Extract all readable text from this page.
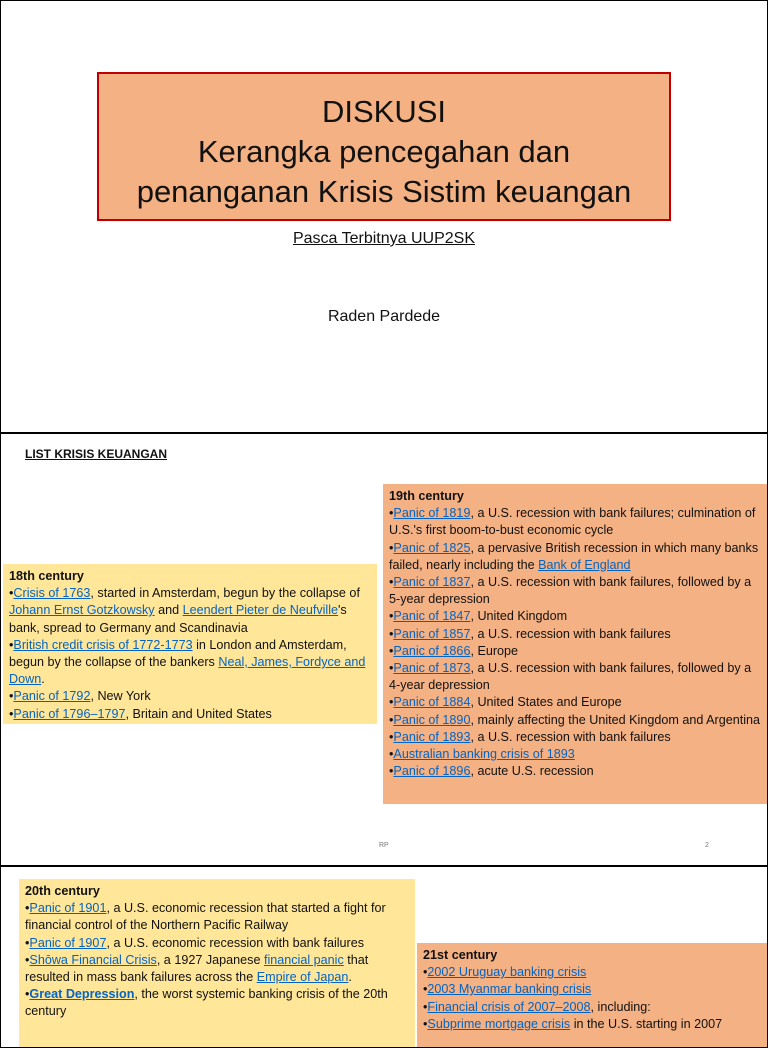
DISKUSI
Kerangka pencegahan dan
penanganan Krisis Sistim keuangan
Pasca Terbitnya UUP2SK
Raden Pardede
LIST KRISIS KEUANGAN
18th century
•Crisis of 1763, started in Amsterdam, begun by the collapse of Johann Ernst Gotzkowsky and Leendert Pieter de Neufville's bank, spread to Germany and Scandinavia
•British credit crisis of 1772-1773 in London and Amsterdam, begun by the collapse of the bankers Neal, James, Fordyce and Down.
•Panic of 1792, New York
•Panic of 1796–1797, Britain and United States
19th century
•Panic of 1819, a U.S. recession with bank failures; culmination of U.S.'s first boom-to-bust economic cycle
•Panic of 1825, a pervasive British recession in which many banks failed, nearly including the Bank of England
•Panic of 1837, a U.S. recession with bank failures, followed by a 5-year depression
•Panic of 1847, United Kingdom
•Panic of 1857, a U.S. recession with bank failures
•Panic of 1866, Europe
•Panic of 1873, a U.S. recession with bank failures, followed by a 4-year depression
•Panic of 1884, United States and Europe
•Panic of 1890, mainly affecting the United Kingdom and Argentina
•Panic of 1893, a U.S. recession with bank failures
•Australian banking crisis of 1893
•Panic of 1896, acute U.S. recession
RP	2
20th century
•Panic of 1901, a U.S. economic recession that started a fight for financial control of the Northern Pacific Railway
•Panic of 1907, a U.S. economic recession with bank failures
•Shōwa Financial Crisis, a 1927 Japanese financial panic that resulted in mass bank failures across the Empire of Japan.
•Great Depression, the worst systemic banking crisis of the 20th century
21st century
•2002 Uruguay banking crisis
•2003 Myanmar banking crisis
•Financial crisis of 2007–2008, including:
•Subprime mortgage crisis in the U.S. starting in 2007
